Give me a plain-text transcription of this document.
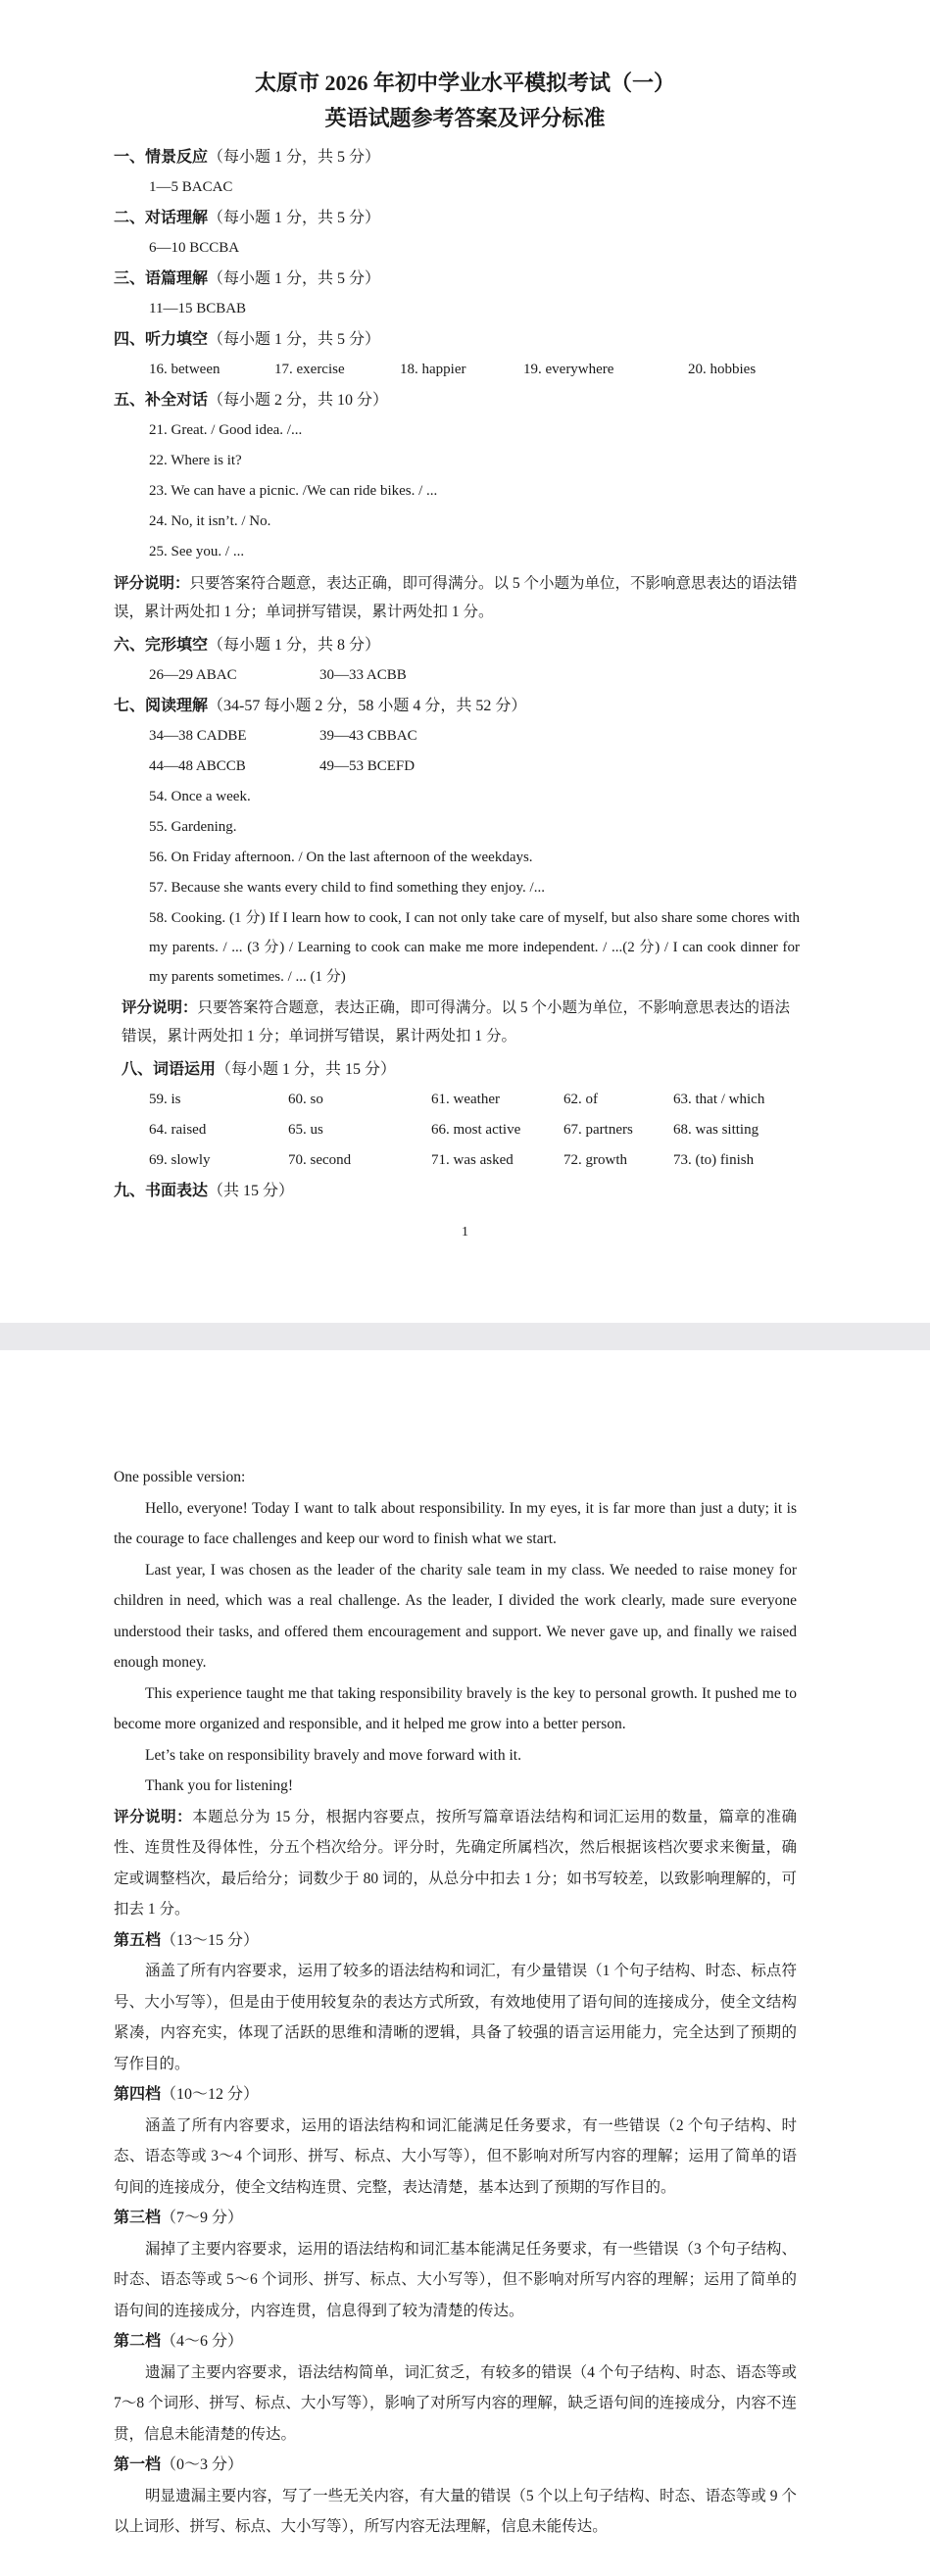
太原市 2026 年初中学业水平模拟考试（一）
英语试题参考答案及评分标准
一、情景反应（每小题 1 分，共 5 分）
1—5 BACAC
二、对话理解（每小题 1 分，共 5 分）
6—10 BCCBA
三、语篇理解（每小题 1 分，共 5 分）
11—15 BCBAB
四、听力填空（每小题 1 分，共 5 分）
16. between	17. exercise	18. happier	19. everywhere	20. hobbies
五、补全对话（每小题 2 分，共 10 分）
21. Great. / Good idea. /...
22. Where is it?
23. We can have a picnic. /We can ride bikes. / ...
24. No, it isn’t. / No.
25. See you. / ...
评分说明：只要答案符合题意，表达正确，即可得满分。以 5 个小题为单位，不影响意思表达的语法错误，累计两处扣 1 分；单词拼写错误，累计两处扣 1 分。
六、完形填空（每小题 1 分，共 8 分）
26—29 ABAC	30—33 ACBB
七、阅读理解（34-57 每小题 2 分，58 小题 4 分，共 52 分）
34—38 CADBE	39—43 CBBAC
44—48 ABCCB	49—53 BCEFD
54. Once a week.
55. Gardening.
56. On Friday afternoon. / On the last afternoon of the weekdays.
57. Because she wants every child to find something they enjoy. /...
58. Cooking. (1 分) If I learn how to cook, I can not only take care of myself, but also share some chores with my parents. / ... (3 分) / Learning to cook can make me more independent. / ...(2 分) / I can cook dinner for my parents sometimes. / ... (1 分)
评分说明：只要答案符合题意，表达正确，即可得满分。以 5 个小题为单位，不影响意思表达的语法错误，累计两处扣 1 分；单词拼写错误，累计两处扣 1 分。
八、词语运用（每小题 1 分，共 15 分）
59. is	60. so	61. weather	62. of	63. that / which
64. raised	65. us	66. most active	67. partners	68. was sitting
69. slowly	70. second	71. was asked	72. growth	73. (to) finish
九、书面表达（共 15 分）
1
One possible version:
Hello, everyone! Today I want to talk about responsibility. In my eyes, it is far more than just a duty; it is the courage to face challenges and keep our word to finish what we start.
Last year, I was chosen as the leader of the charity sale team in my class. We needed to raise money for children in need, which was a real challenge. As the leader, I divided the work clearly, made sure everyone understood their tasks, and offered them encouragement and support. We never gave up, and finally we raised enough money.
This experience taught me that taking responsibility bravely is the key to personal growth. It pushed me to become more organized and responsible, and it helped me grow into a better person.
Let’s take on responsibility bravely and move forward with it.
Thank you for listening!
评分说明：本题总分为 15 分，根据内容要点，按所写篇章语法结构和词汇运用的数量，篇章的准确性、连贯性及得体性，分五个档次给分。评分时，先确定所属档次，然后根据该档次要求来衡量，确定或调整档次，最后给分；词数少于 80 词的，从总分中扣去 1 分；如书写较差，以致影响理解的，可扣去 1 分。
第五档（13～15 分）
涵盖了所有内容要求，运用了较多的语法结构和词汇，有少量错误（1 个句子结构、时态、标点符号、大小写等），但是由于使用较复杂的表达方式所致，有效地使用了语句间的连接成分，使全文结构紧凑，内容充实，体现了活跃的思维和清晰的逻辑，具备了较强的语言运用能力，完全达到了预期的写作目的。
第四档（10～12 分）
涵盖了所有内容要求，运用的语法结构和词汇能满足任务要求，有一些错误（2 个句子结构、时态、语态等或 3～4 个词形、拼写、标点、大小写等），但不影响对所写内容的理解；运用了简单的语句间的连接成分，使全文结构连贯、完整，表达清楚，基本达到了预期的写作目的。
第三档（7～9 分）
漏掉了主要内容要求，运用的语法结构和词汇基本能满足任务要求，有一些错误（3 个句子结构、时态、语态等或 5～6 个词形、拼写、标点、大小写等），但不影响对所写内容的理解；运用了简单的语句间的连接成分，内容连贯，信息得到了较为清楚的传达。
第二档（4～6 分）
遗漏了主要内容要求，语法结构简单，词汇贫乏，有较多的错误（4 个句子结构、时态、语态等或 7～8 个词形、拼写、标点、大小写等），影响了对所写内容的理解，缺乏语句间的连接成分，内容不连贯，信息未能清楚的传达。
第一档（0～3 分）
明显遗漏主要内容，写了一些无关内容，有大量的错误（5 个以上句子结构、时态、语态等或 9 个以上词形、拼写、标点、大小写等），所写内容无法理解，信息未能传达。
